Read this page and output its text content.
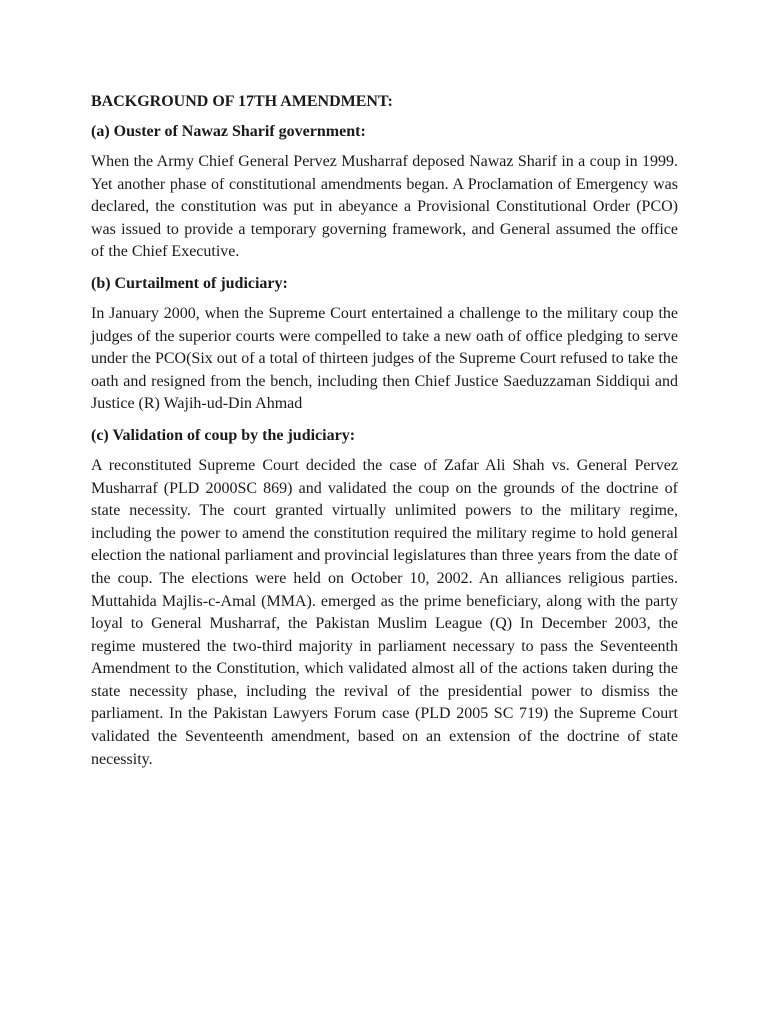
BACKGROUND OF 17TH AMENDMENT:
(a) Ouster of Nawaz Sharif government:

When the Army Chief General Pervez Musharraf deposed Nawaz Sharif in a coup in 1999. Yet another phase of constitutional amendments began. A Proclamation of Emergency was declared, the constitution was put in abeyance a Provisional Constitutional Order (PCO) was issued to provide a temporary governing framework, and General assumed the office of the Chief Executive.

(b) Curtailment of judiciary:

In January 2000, when the Supreme Court entertained a challenge to the military coup the judges of the superior courts were compelled to take a new oath of office pledging to serve under the PCO(Six out of a total of thirteen judges of the Supreme Court refused to take the oath and resigned from the bench, including then Chief Justice Saeduzzaman Siddiqui and Justice (R) Wajih-ud-Din Ahmad

(c) Validation of coup by the judiciary:

A reconstituted Supreme Court decided the case of Zafar Ali Shah vs. General Pervez Musharraf (PLD 2000SC 869) and validated the coup on the grounds of the doctrine of state necessity. The court granted virtually unlimited powers to the military regime, including the power to amend the constitution required the military regime to hold general election the national parliament and provincial legislatures than three years from the date of the coup. The elections were held on October 10, 2002. An alliances religious parties. Muttahida Majlis-c-Amal (MMA). emerged as the prime beneficiary, along with the party loyal to General Musharraf, the Pakistan Muslim League (Q) In December 2003, the regime mustered the two-third majority in parliament necessary to pass the Seventeenth Amendment to the Constitution, which validated almost all of the actions taken during the state necessity phase, including the revival of the presidential power to dismiss the parliament. In the Pakistan Lawyers Forum case (PLD 2005 SC 719) the Supreme Court validated the Seventeenth amendment, based on an extension of the doctrine of state necessity.
